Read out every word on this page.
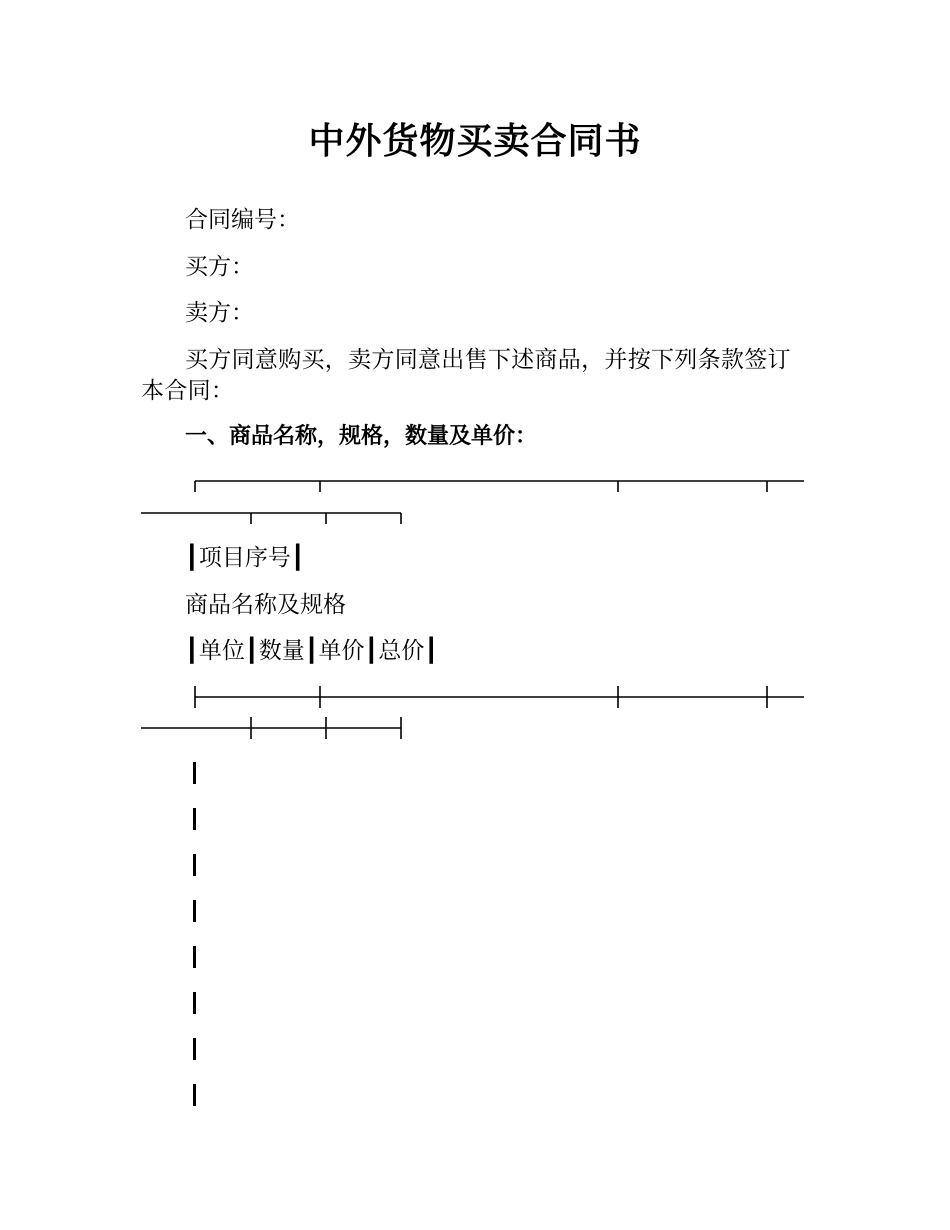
中外货物买卖合同书
合同编号：
买方：
卖方：
买方同意购买，卖方同意出售下述商品，并按下列条款签订本合同：
一、商品名称，规格，数量及单价：
┃项目序号┃
商品名称及规格
┃单位┃数量┃单价┃总价┃
